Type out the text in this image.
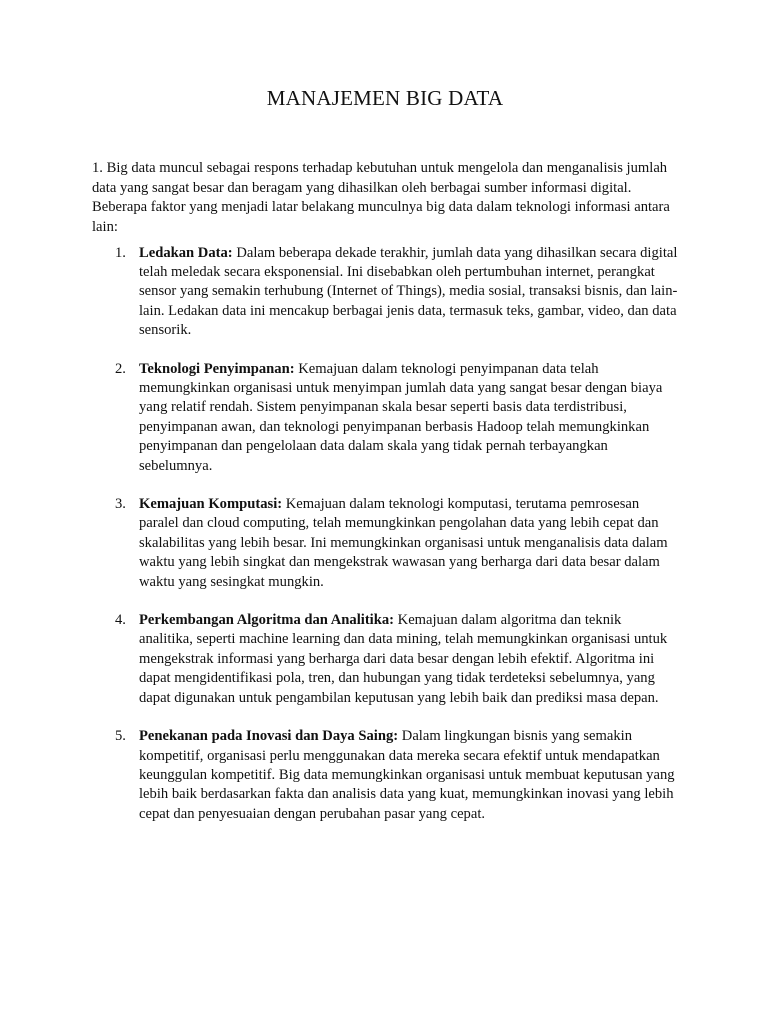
MANAJEMEN BIG DATA

1. Big data muncul sebagai respons terhadap kebutuhan untuk mengelola dan menganalisis jumlah data yang sangat besar dan beragam yang dihasilkan oleh berbagai sumber informasi digital. Beberapa faktor yang menjadi latar belakang munculnya big data dalam teknologi informasi antara lain:

1. Ledakan Data: Dalam beberapa dekade terakhir, jumlah data yang dihasilkan secara digital telah meledak secara eksponensial. Ini disebabkan oleh pertumbuhan internet, perangkat sensor yang semakin terhubung (Internet of Things), media sosial, transaksi bisnis, dan lain-lain. Ledakan data ini mencakup berbagai jenis data, termasuk teks, gambar, video, dan data sensorik.
2. Teknologi Penyimpanan: Kemajuan dalam teknologi penyimpanan data telah memungkinkan organisasi untuk menyimpan jumlah data yang sangat besar dengan biaya yang relatif rendah. Sistem penyimpanan skala besar seperti basis data terdistribusi, penyimpanan awan, dan teknologi penyimpanan berbasis Hadoop telah memungkinkan penyimpanan dan pengelolaan data dalam skala yang tidak pernah terbayangkan sebelumnya.
3. Kemajuan Komputasi: Kemajuan dalam teknologi komputasi, terutama pemrosesan paralel dan cloud computing, telah memungkinkan pengolahan data yang lebih cepat dan skalabilitas yang lebih besar. Ini memungkinkan organisasi untuk menganalisis data dalam waktu yang lebih singkat dan mengekstrak wawasan yang berharga dari data besar dalam waktu yang sesingkat mungkin.
4. Perkembangan Algoritma dan Analitika: Kemajuan dalam algoritma dan teknik analitika, seperti machine learning dan data mining, telah memungkinkan organisasi untuk mengekstrak informasi yang berharga dari data besar dengan lebih efektif. Algoritma ini dapat mengidentifikasi pola, tren, dan hubungan yang tidak terdeteksi sebelumnya, yang dapat digunakan untuk pengambilan keputusan yang lebih baik dan prediksi masa depan.
5. Penekanan pada Inovasi dan Daya Saing: Dalam lingkungan bisnis yang semakin kompetitif, organisasi perlu menggunakan data mereka secara efektif untuk mendapatkan keunggulan kompetitif. Big data memungkinkan organisasi untuk membuat keputusan yang lebih baik berdasarkan fakta dan analisis data yang kuat, memungkinkan inovasi yang lebih cepat dan penyesuaian dengan perubahan pasar yang cepat.
